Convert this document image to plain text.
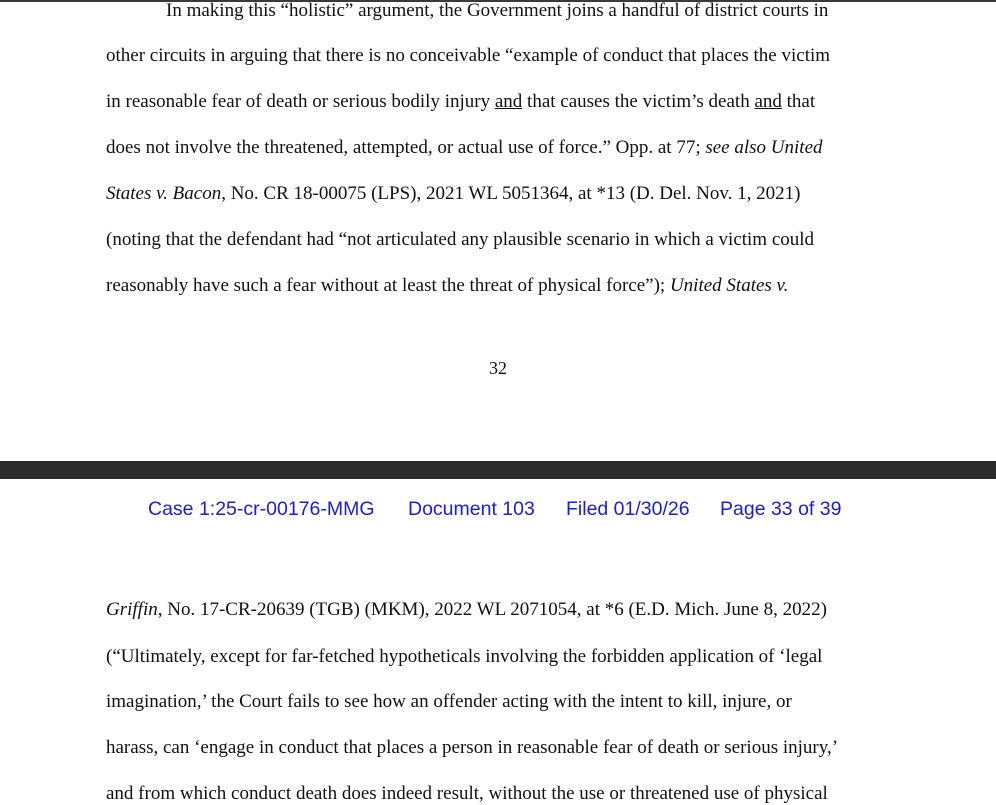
In making this “holistic” argument, the Government joins a handful of district courts in
other circuits in arguing that there is no conceivable “example of conduct that places the victim
in reasonable fear of death or serious bodily injury and that causes the victim’s death and that
does not involve the threatened, attempted, or actual use of force.” Opp. at 77; see also United
States v. Bacon, No. CR 18-00075 (LPS), 2021 WL 5051364, at *13 (D. Del. Nov. 1, 2021)
(noting that the defendant had “not articulated any plausible scenario in which a victim could
reasonably have such a fear without at least the threat of physical force”); United States v.
32
Case 1:25-cr-00176-MMG Document 103 Filed 01/30/26 Page 33 of 39
Griffin, No. 17-CR-20639 (TGB) (MKM), 2022 WL 2071054, at *6 (E.D. Mich. June 8, 2022)
(“Ultimately, except for far-fetched hypotheticals involving the forbidden application of ‘legal
imagination,’ the Court fails to see how an offender acting with the intent to kill, injure, or
harass, can ‘engage in conduct that places a person in reasonable fear of death or serious injury,’
and from which conduct death does indeed result, without the use or threatened use of physical
